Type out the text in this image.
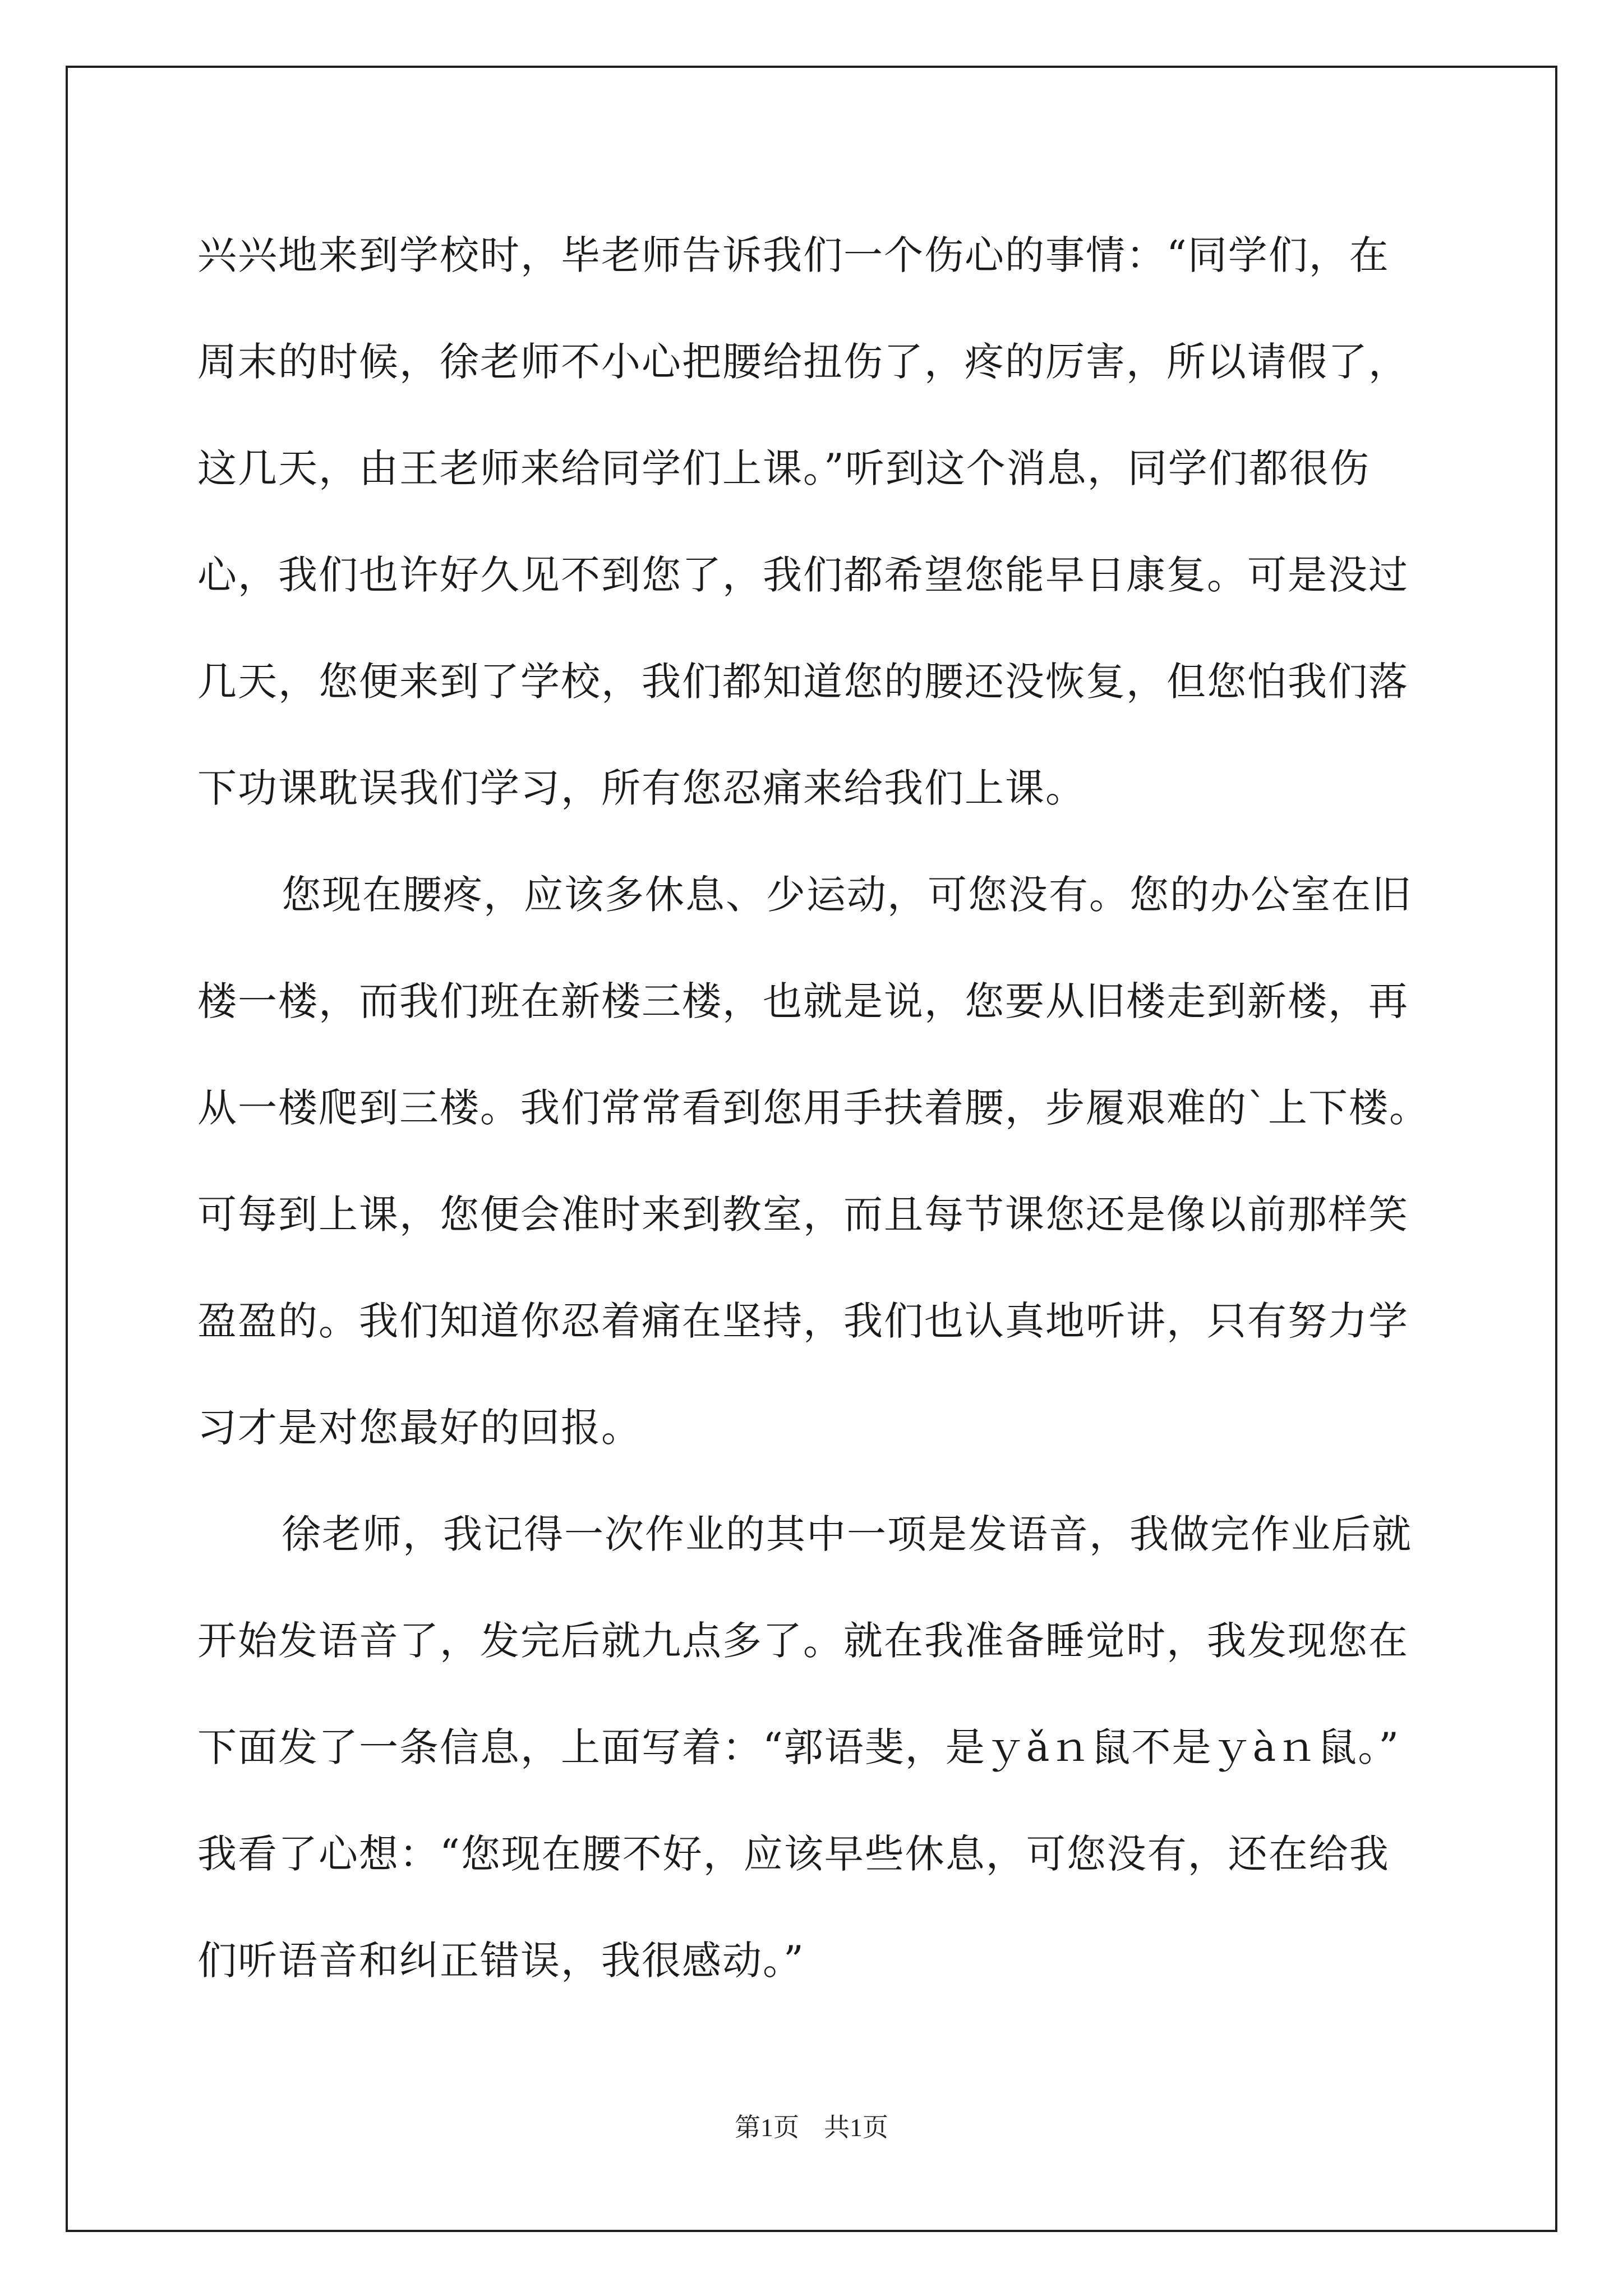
兴兴地来到学校时，毕老师告诉我们一个伤心的事情：“同学们，在
周末的时候，徐老师不小心把腰给扭伤了，疼的厉害，所以请假了，
这几天，由王老师来给同学们上课。”听到这个消息，同学们都很伤
心，我们也许好久见不到您了，我们都希望您能早日康复。可是没过
几天，您便来到了学校，我们都知道您的腰还没恢复，但您怕我们落
下功课耽误我们学习，所有您忍痛来给我们上课。
您现在腰疼，应该多休息、少运动，可您没有。您的办公室在旧
楼一楼，而我们班在新楼三楼，也就是说，您要从旧楼走到新楼，再
从一楼爬到三楼。我们常常看到您用手扶着腰，步履艰难的`上下楼。
可每到上课，您便会准时来到教室，而且每节课您还是像以前那样笑
盈盈的。我们知道你忍着痛在坚持，我们也认真地听讲，只有努力学
习才是对您最好的回报。
徐老师，我记得一次作业的其中一项是发语音，我做完作业后就
开始发语音了，发完后就九点多了。就在我准备睡觉时，我发现您在
下面发了一条信息，上面写着：“郭语斐，是ｙǎｎ鼠不是ｙàｎ鼠。”
我看了心想：“您现在腰不好，应该早些休息，可您没有，还在给我
们听语音和纠正错误，我很感动。”
第1页 共1页
